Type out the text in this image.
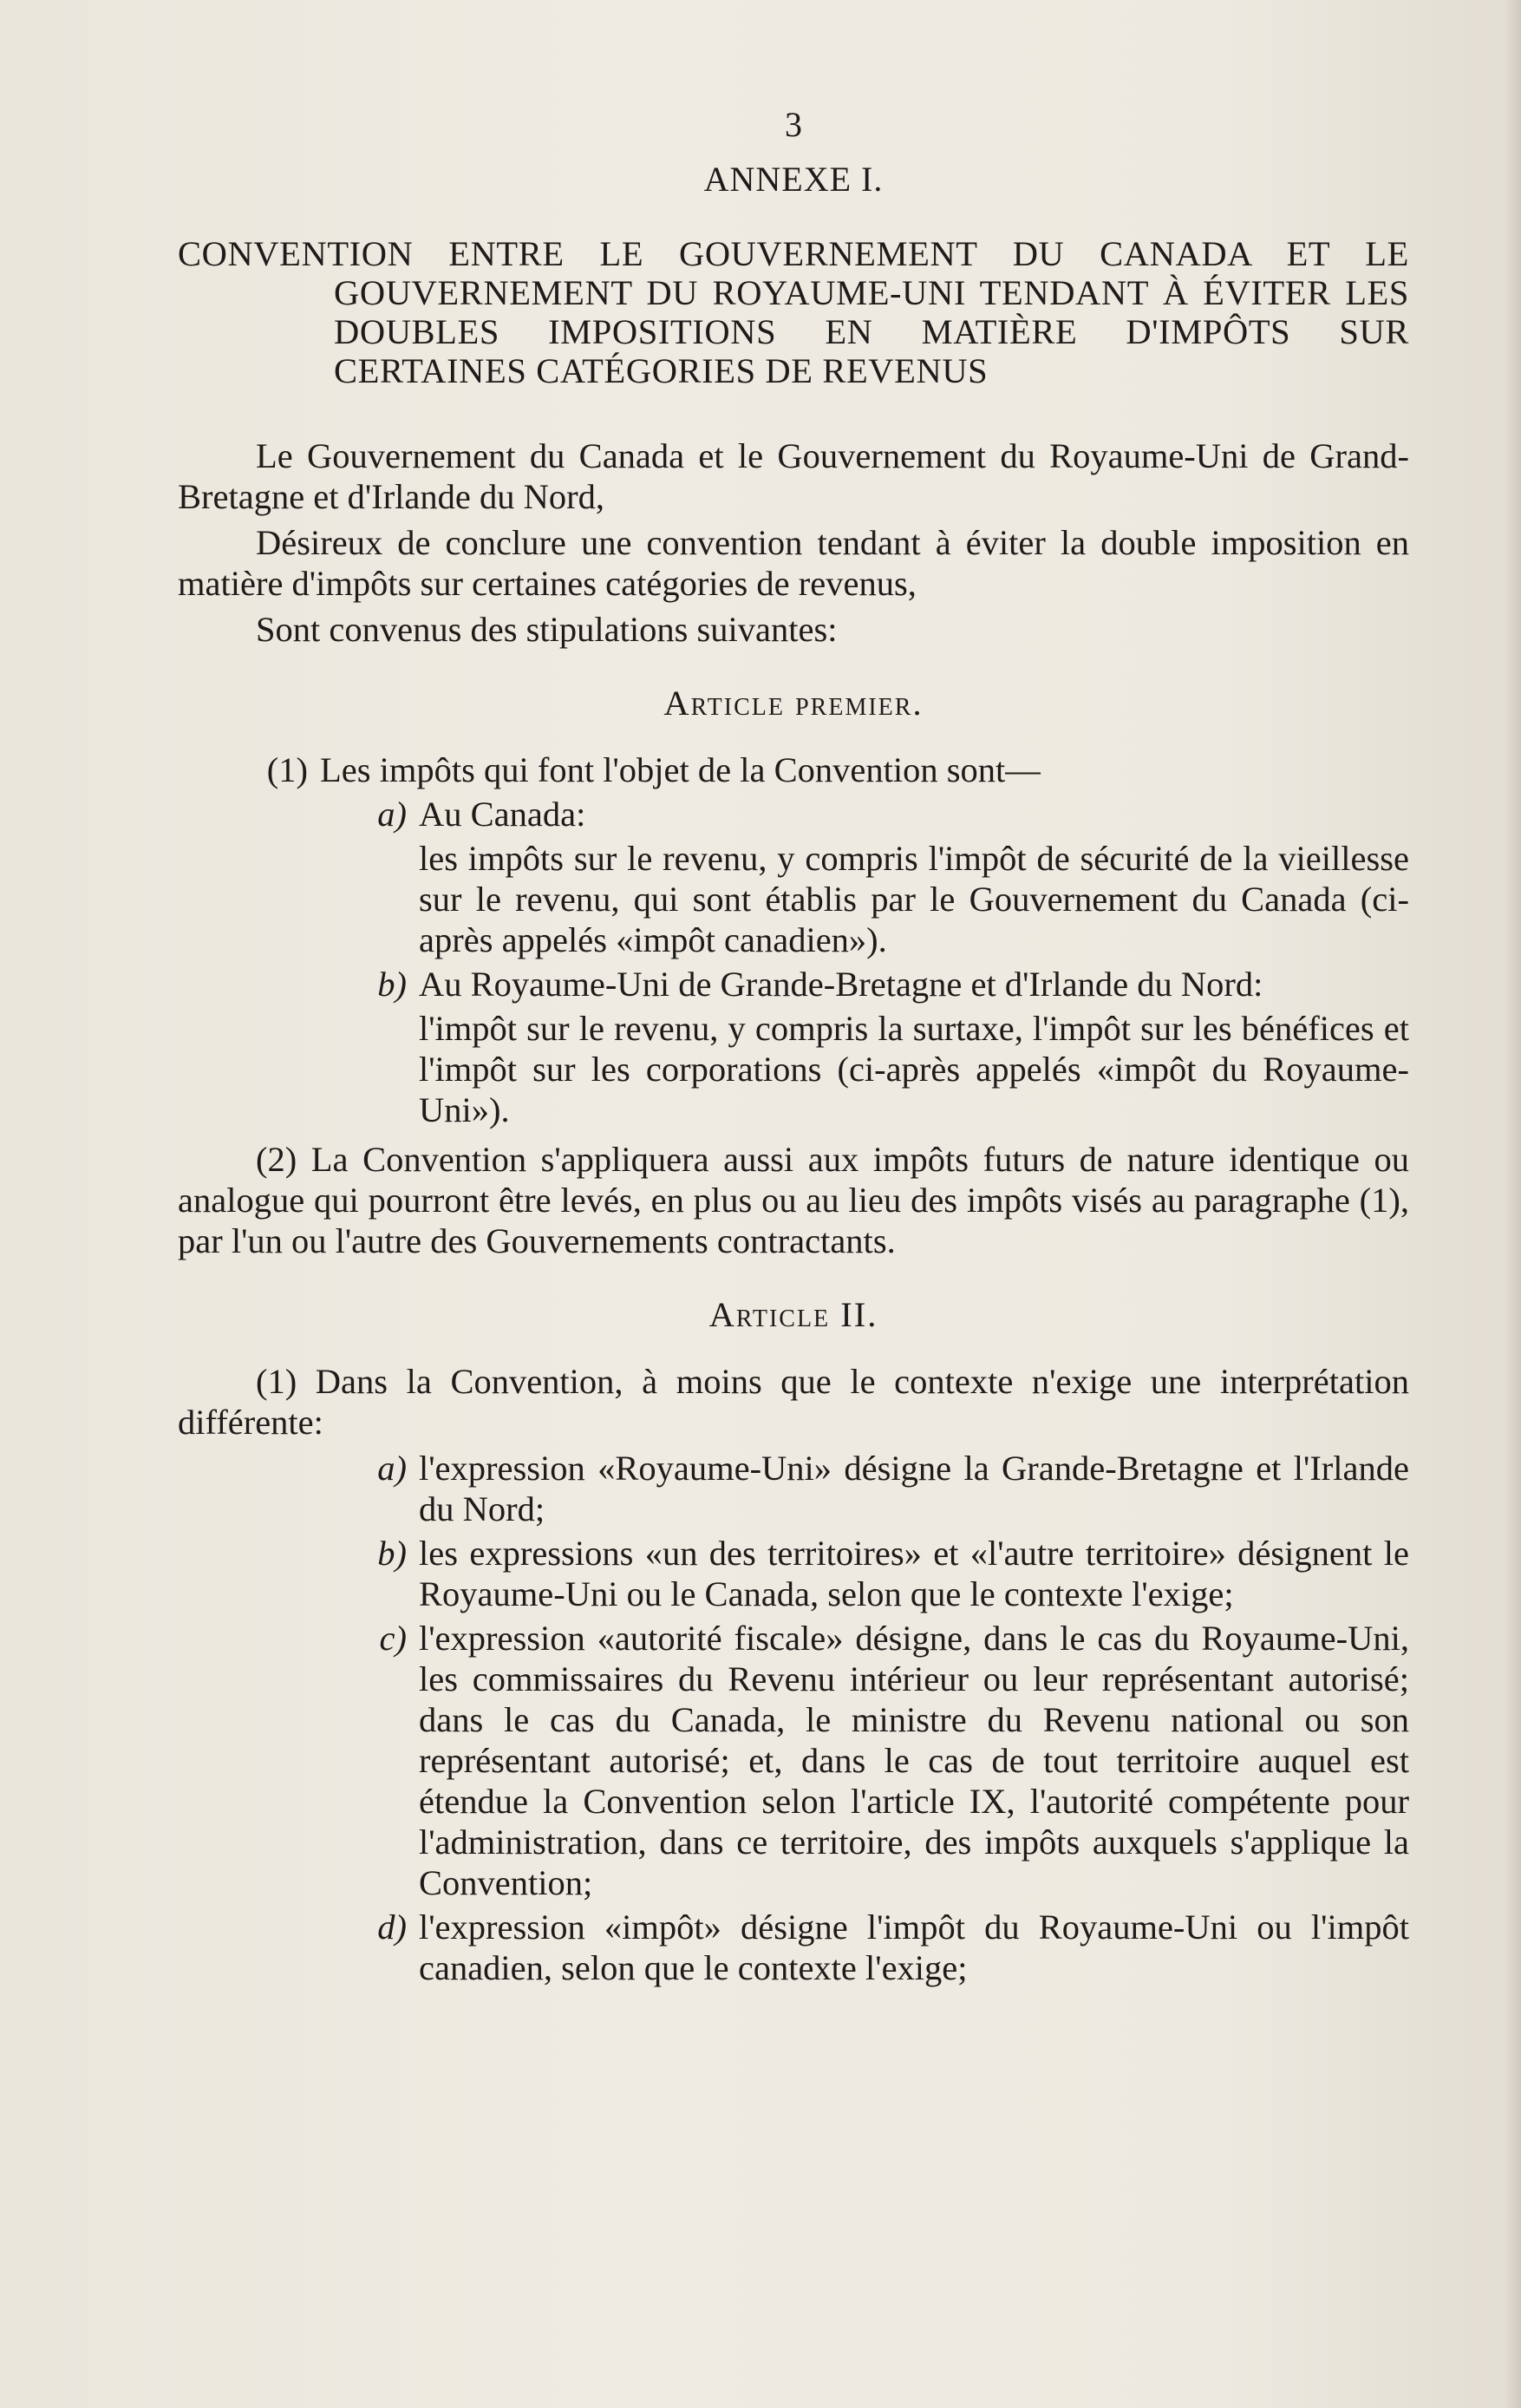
3
ANNEXE I.
CONVENTION ENTRE LE GOUVERNEMENT DU CANADA ET LE GOUVERNEMENT DU ROYAUME-UNI TENDANT À ÉVITER LES DOUBLES IMPOSITIONS EN MATIÈRE D'IMPÔTS SUR CERTAINES CATÉGORIES DE REVENUS

Le Gouvernement du Canada et le Gouvernement du Royaume-Uni de Grand-Bretagne et d'Irlande du Nord,

Désireux de conclure une convention tendant à éviter la double imposition en matière d'impôts sur certaines catégories de revenus,

Sont convenus des stipulations suivantes:

Article premier.
(1) Les impôts qui font l'objet de la Convention sont—
a) Au Canada:
les impôts sur le revenu, y compris l'impôt de sécurité de la vieillesse sur le revenu, qui sont établis par le Gouvernement du Canada (ci-après appelés «impôt canadien»).
b) Au Royaume-Uni de Grande-Bretagne et d'Irlande du Nord:
l'impôt sur le revenu, y compris la surtaxe, l'impôt sur les bénéfices et l'impôt sur les corporations (ci-après appelés «impôt du Royaume-Uni»).

(2) La Convention s'appliquera aussi aux impôts futurs de nature identique ou analogue qui pourront être levés, en plus ou au lieu des impôts visés au paragraphe (1), par l'un ou l'autre des Gouvernements contractants.

Article II.

(1) Dans la Convention, à moins que le contexte n'exige une interprétation différente:

a) l'expression «Royaume-Uni» désigne la Grande-Bretagne et l'Irlande du Nord;
b) les expressions «un des territoires» et «l'autre territoire» désignent le Royaume-Uni ou le Canada, selon que le contexte l'exige;
c) l'expression «autorité fiscale» désigne, dans le cas du Royaume-Uni, les commissaires du Revenu intérieur ou leur représentant autorisé; dans le cas du Canada, le ministre du Revenu national ou son représentant autorisé; et, dans le cas de tout territoire auquel est étendue la Convention selon l'article IX, l'autorité compétente pour l'administration, dans ce territoire, des impôts auxquels s'applique la Convention;
d) l'expression «impôt» désigne l'impôt du Royaume-Uni ou l'impôt canadien, selon que le contexte l'exige;
